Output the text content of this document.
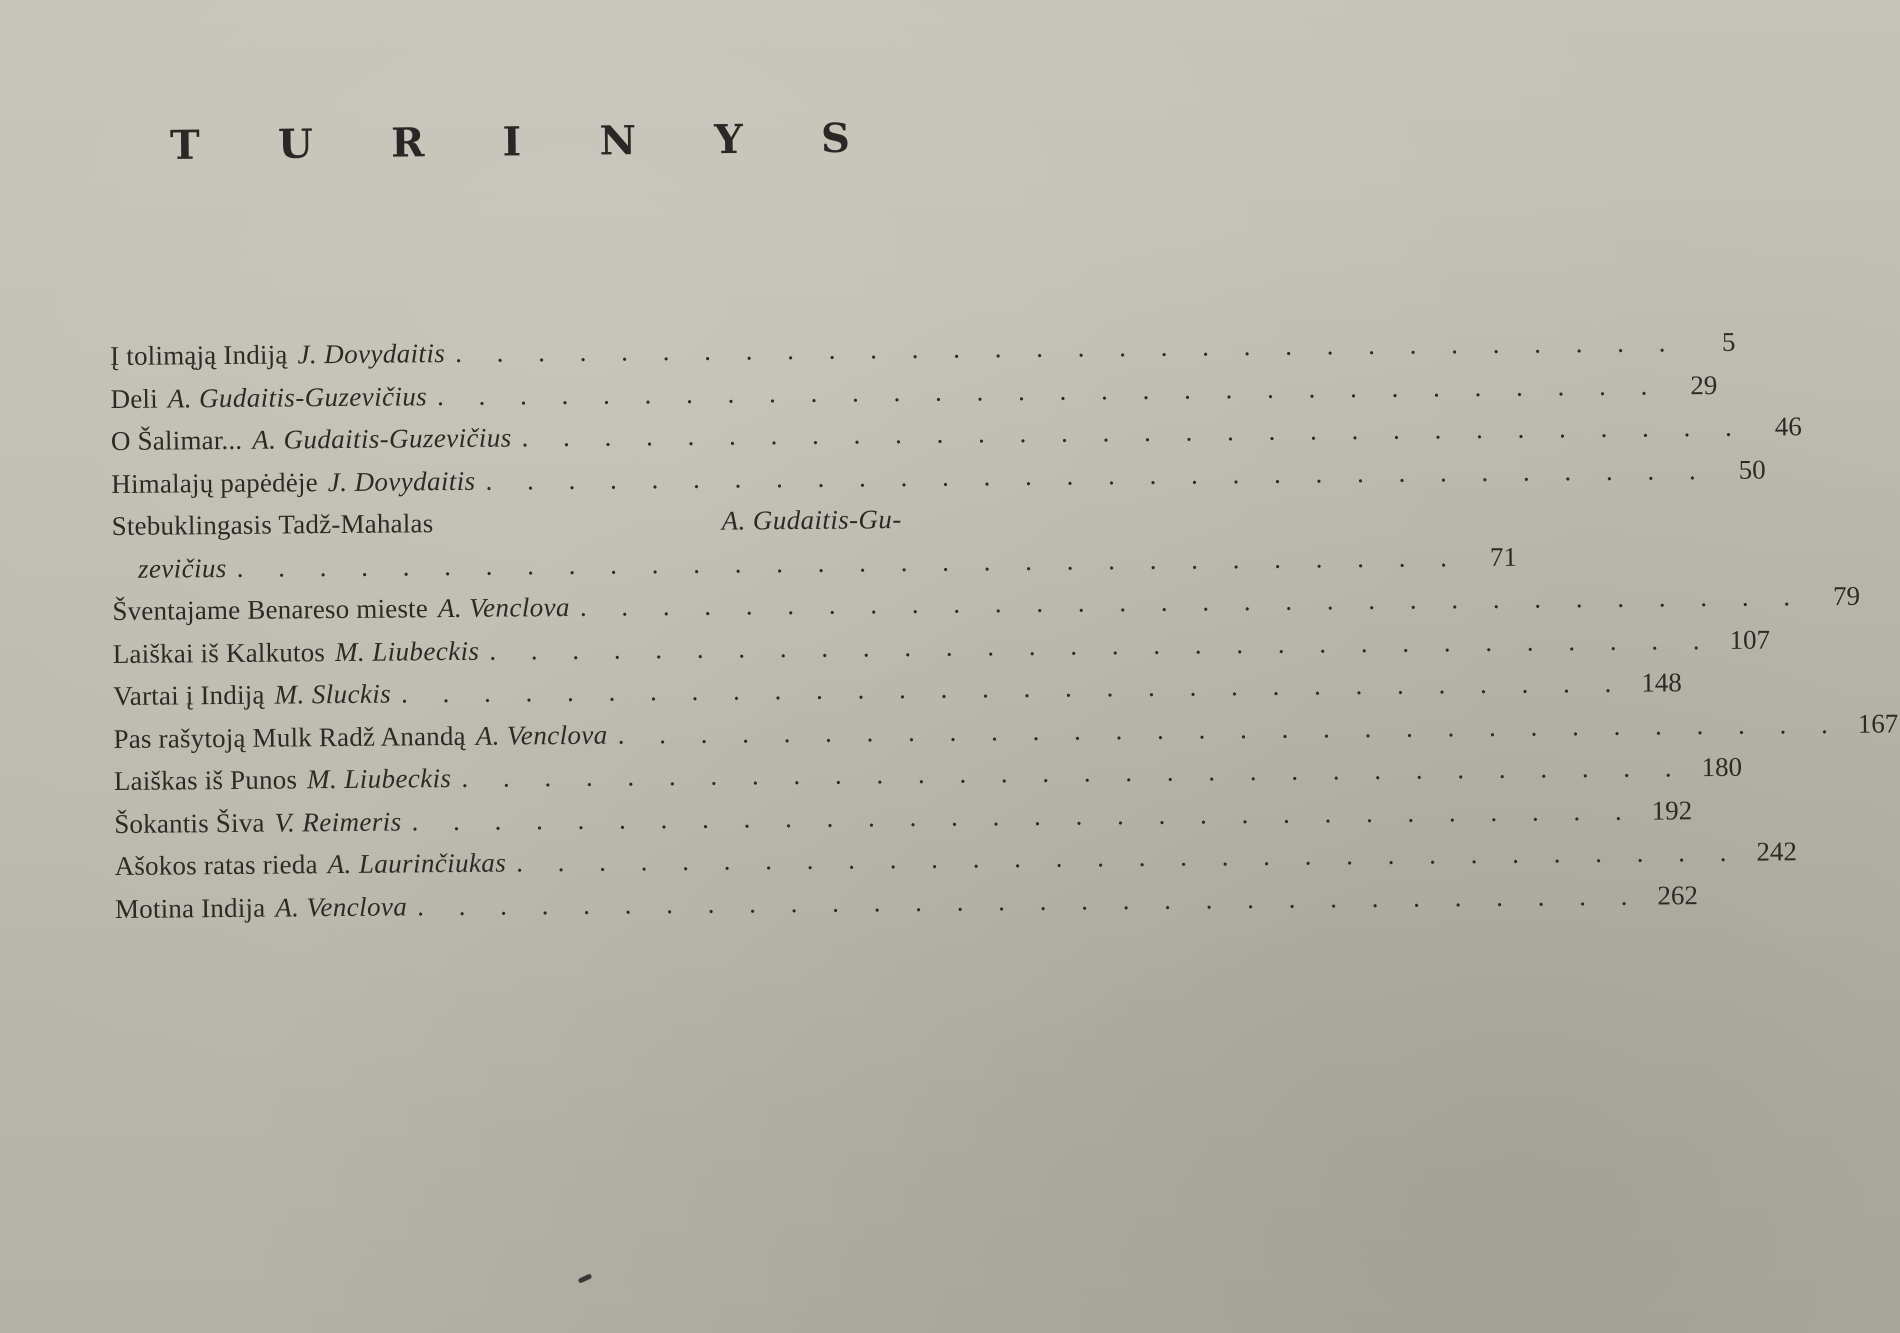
T U R I N Y S
Į tolimąją Indiją J. Dovydaitis . . . . . . . . . . . . . . . . . . . . . . . . . . . . . .	5
Deli A. Gudaitis-Guzevičius . . . . . . . . . . . . . . . . . . . . . . . . . . . . . .	29
O Šalimar... A. Gudaitis-Guzevičius . . . . . . . . . . . . . . . . . . . . . . . . . . . . . .	46
Himalajų papėdėje J. Dovydaitis . . . . . . . . . . . . . . . . . . . . . . . . . . . . . .	50
Stebuklingasis Tadž-Mahalas	A. Gudaitis-Gu-
zevičius . . . . . . . . . . . . . . . . . . . . . . . . . . . . . .	71
Šventajame Benareso mieste A. Venclova . . . . . . . . . . . . . . . . . . . . . . . . . . . . . .	79
Laiškai iš Kalkutos M. Liubeckis . . . . . . . . . . . . . . . . . . . . . . . . . . . . . . 107
Vartai į Indiją M. Sluckis . . . . . . . . . . . . . . . . . . . . . . . . . . . . . . 148
Pas rašytoją Mulk Radž Anandą A. Venclova . . . . . . . . . . . . . . . . . . . . . . . . . . . . . . 167
Laiškas iš Punos M. Liubeckis . . . . . . . . . . . . . . . . . . . . . . . . . . . . . . 180
Šokantis Šiva V. Reimeris . . . . . . . . . . . . . . . . . . . . . . . . . . . . . . 192
Ašokos ratas rieda A. Laurinčiukas . . . . . . . . . . . . . . . . . . . . . . . . . . . . . . 242
Motina Indija A. Venclova . . . . . . . . . . . . . . . . . . . . . . . . . . . . . . 262
